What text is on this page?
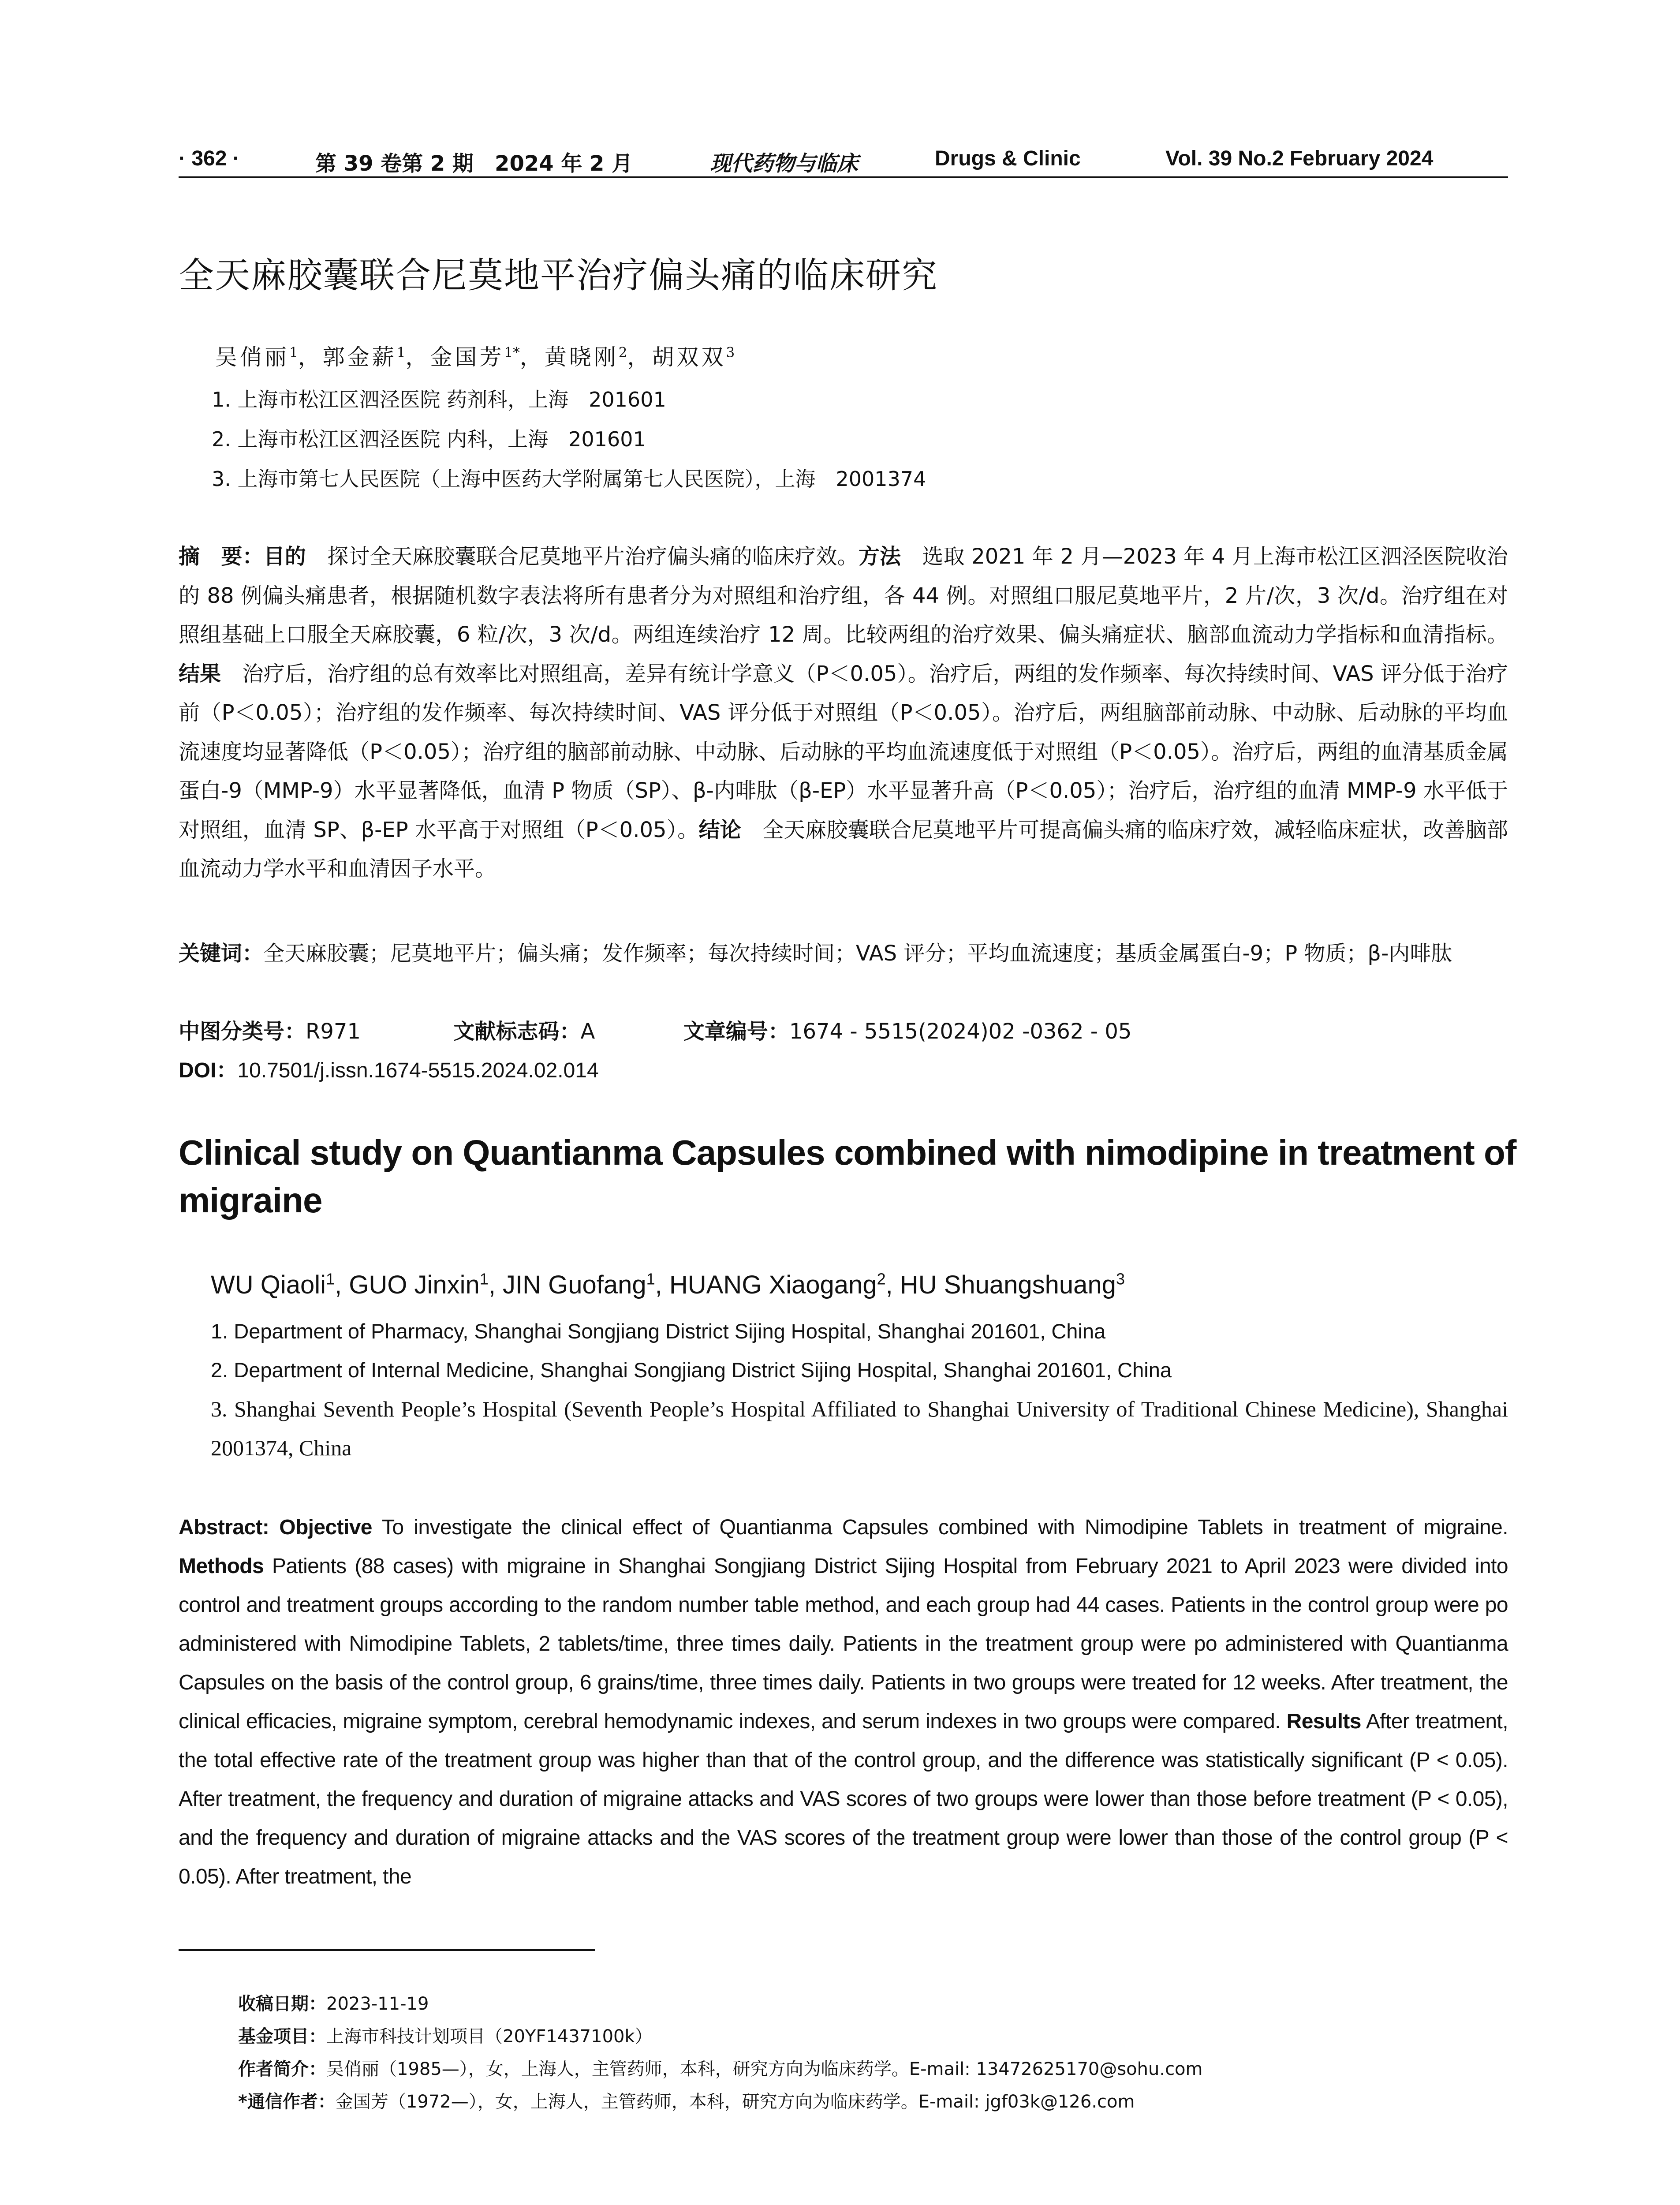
· 362 ·	第 39 卷第 2 期　2024 年 2 月	现代药物与临床	Drugs & Clinic	Vol. 39 No.2 February 2024
全天麻胶囊联合尼莫地平治疗偏头痛的临床研究
吴俏丽$^1$，郭金薪$^1$，金国芳$^{1*}$，黄晓刚$^2$，胡双双$^3$
1. 上海市松江区泗泾医院 药剂科，上海　201601
2. 上海市松江区泗泾医院 内科，上海　201601
3. 上海市第七人民医院（上海中医药大学附属第七人民医院），上海　2001374
摘　要：目的　探讨全天麻胶囊联合尼莫地平片治疗偏头痛的临床疗效。方法　选取 2021 年 2 月—2023 年 4 月上海市松江区泗泾医院收治的 88 例偏头痛患者，根据随机数字表法将所有患者分为对照组和治疗组，各 44 例。对照组口服尼莫地平片，2 片/次，3 次/d。治疗组在对照组基础上口服全天麻胶囊，6 粒/次，3 次/d。两组连续治疗 12 周。比较两组的治疗效果、偏头痛症状、脑部血流动力学指标和血清指标。结果　治疗后，治疗组的总有效率比对照组高，差异有统计学意义（P＜0.05）。治疗后，两组的发作频率、每次持续时间、VAS 评分低于治疗前（P＜0.05）；治疗组的发作频率、每次持续时间、VAS 评分低于对照组（P＜0.05）。治疗后，两组脑部前动脉、中动脉、后动脉的平均血流速度均显著降低（P＜0.05）；治疗组的脑部前动脉、中动脉、后动脉的平均血流速度低于对照组（P＜0.05）。治疗后，两组的血清基质金属蛋白-9（MMP-9）水平显著降低，血清 P 物质（SP）、β-内啡肽（β-EP）水平显著升高（P＜0.05）；治疗后，治疗组的血清 MMP-9 水平低于对照组，血清 SP、β-EP 水平高于对照组（P＜0.05）。结论　全天麻胶囊联合尼莫地平片可提高偏头痛的临床疗效，减轻临床症状，改善脑部血流动力学水平和血清因子水平。
关键词：全天麻胶囊；尼莫地平片；偏头痛；发作频率；每次持续时间；VAS 评分；平均血流速度；基质金属蛋白-9；P 物质；β-内啡肽
中图分类号：R971	文献标志码：A	文章编号：1674 - 5515(2024)02 -0362 - 05
DOI：10.7501/j.issn.1674-5515.2024.02.014
Clinical study on Quantianma Capsules combined with nimodipine in treatment of migraine
WU Qiaoli$^1$, GUO Jinxin$^1$, JIN Guofang$^1$, HUANG Xiaogang$^2$, HU Shuangshuang$^3$
1. Department of Pharmacy, Shanghai Songjiang District Sijing Hospital, Shanghai 201601, China
2. Department of Internal Medicine, Shanghai Songjiang District Sijing Hospital, Shanghai 201601, China
3. Shanghai Seventh People’s Hospital (Seventh People’s Hospital Affiliated to Shanghai University of Traditional Chinese Medicine), Shanghai 2001374, China
Abstract: Objective To investigate the clinical effect of Quantianma Capsules combined with Nimodipine Tablets in treatment of migraine. Methods Patients (88 cases) with migraine in Shanghai Songjiang District Sijing Hospital from February 2021 to April 2023 were divided into control and treatment groups according to the random number table method, and each group had 44 cases. Patients in the control group were po administered with Nimodipine Tablets, 2 tablets/time, three times daily. Patients in the treatment group were po administered with Quantianma Capsules on the basis of the control group, 6 grains/time, three times daily. Patients in two groups were treated for 12 weeks. After treatment, the clinical efficacies, migraine symptom, cerebral hemodynamic indexes, and serum indexes in two groups were compared. Results After treatment, the total effective rate of the treatment group was higher than that of the control group, and the difference was statistically significant (P < 0.05). After treatment, the frequency and duration of migraine attacks and VAS scores of two groups were lower than those before treatment (P < 0.05), and the frequency and duration of migraine attacks and the VAS scores of the treatment group were lower than those of the control group (P < 0.05). After treatment, the
收稿日期：2023-11-19
基金项目：上海市科技计划项目（20YF1437100k）
作者简介：吴俏丽（1985—），女，上海人，主管药师，本科，研究方向为临床药学。E-mail: 13472625170@sohu.com
*通信作者：金国芳（1972—），女，上海人，主管药师，本科，研究方向为临床药学。E-mail: jgf03k@126.com
